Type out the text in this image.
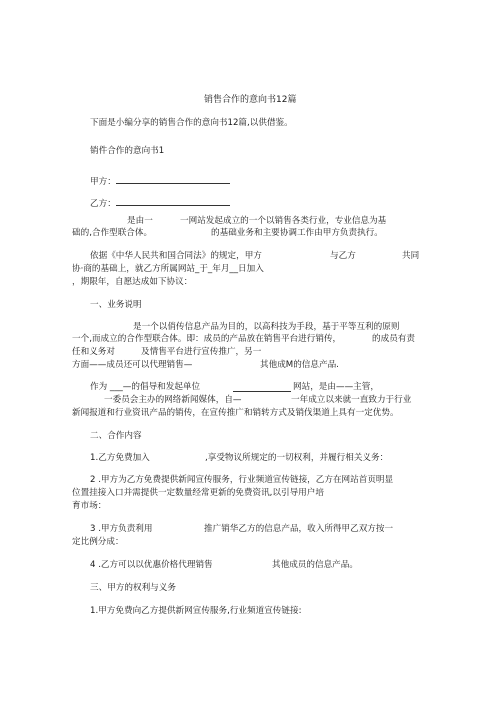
销售合作的意向书12篇
下面是小编分享的销售合作的意向书12篇,以供借鉴。
销件合作的意向书1
甲方：
乙方：
是由一	一网站发起成立的一个以销售各类行业，专业信息为基
础的,合作型联合体。	的基础业务和主要协调工作由甲方负责执行。
依据《中华人民共和国合同法》的规定，甲方	与乙方	共同
协·商的基础上，就乙方所属网站_于_年月__日加入
，期限年，自愿达成如下协议：
一、业务说明
是一个以俏传信息产品为目的，以高科技为手段，基于平等互利的原则
一个,而成立的合作型联合体。即：成员的产品放在销售平台进行销传，	的成员有责
任和义务对	及情售平台进行宣传推广，另一
方面——成员还可以代理销售—	其他成M的信息产品.
作为 ___—的倡导和发起单位	网站，是由——主管，
一委员会主办的网络新闻媒体，自—	一年成立以来就一直致力于行业
新闻报道和行业资讯产品的销传，在宣传推广和销转方式及销伐渠道上具有一定优势。
二、合作内容
1.乙方免费加入	,享受物议所规定的一切权利，并履行相关义务：
2 .甲方为乙方免费提供新闻宣传服务，行业频道宣传链接，乙方在网站首页明显
位置挂接入口并需提供一定数量经常更新的免费资讯,以引导用户培
育市场：
3 .甲方负责利用	推广销华乙方的信息产品，收入所得甲乙双方按一
定比例分成：
4 .乙方可以以优惠价格代理销售	其他成员的信息产品。
三、甲方的权利与义务
1.甲方免费向乙方提供新网宣传服务,行业频道宣传链接:
